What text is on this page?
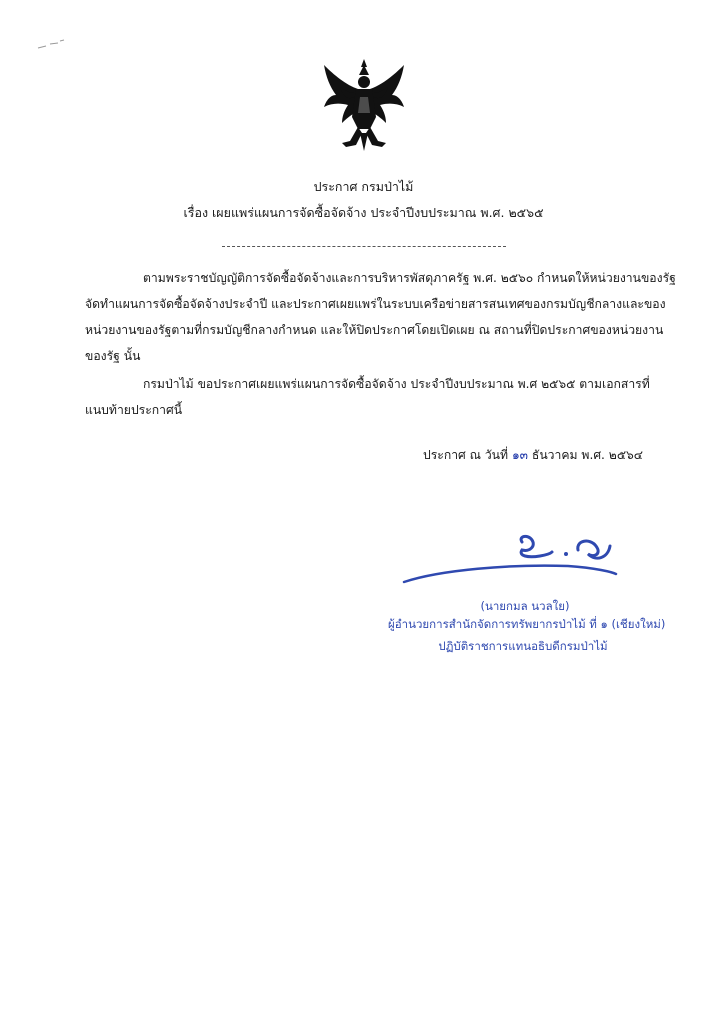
ประกาศ กรมป่าไม้
เรื่อง เผยแพร่แผนการจัดซื้อจัดจ้าง ประจำปีงบประมาณ พ.ศ. ๒๕๖๕
ตามพระราชบัญญัติการจัดซื้อจัดจ้างและการบริหารพัสดุภาครัฐ พ.ศ. ๒๕๖๐ กำหนดให้หน่วยงานของรัฐ
จัดทำแผนการจัดซื้อจัดจ้างประจำปี และประกาศเผยแพร่ในระบบเครือข่ายสารสนเทศของกรมบัญชีกลางและของ
หน่วยงานของรัฐตามที่กรมบัญชีกลางกำหนด และให้ปิดประกาศโดยเปิดเผย ณ สถานที่ปิดประกาศของหน่วยงาน
ของรัฐ นั้น
กรมป่าไม้ ขอประกาศเผยแพร่แผนการจัดซื้อจัดจ้าง ประจำปีงบประมาณ พ.ศ ๒๕๖๕ ตามเอกสารที่
แนบท้ายประกาศนี้
ประกาศ ณ วันที่ ๑๓ ธันวาคม พ.ศ. ๒๕๖๔
(นายกมล นวลใย)
ผู้อำนวยการสำนักจัดการทรัพยากรป่าไม้ ที่ ๑ (เชียงใหม่)
ปฏิบัติราชการแทนอธิบดีกรมป่าไม้
